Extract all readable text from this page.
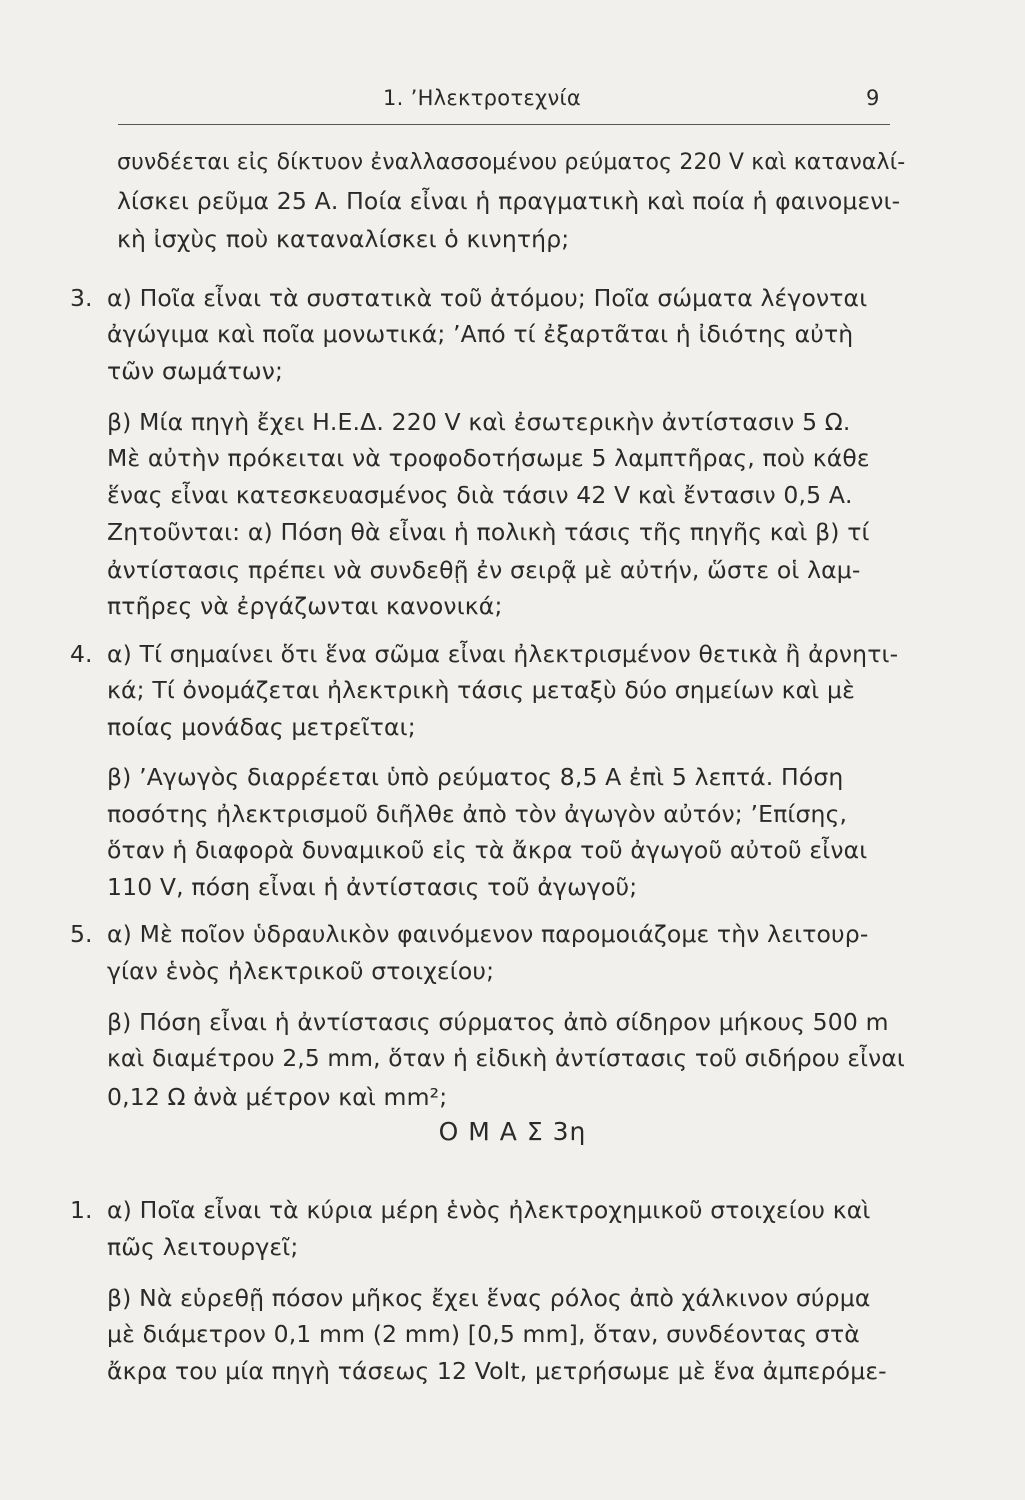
1. ’Ηλεκτροτεχνία	9
συνδέεται εἰς δίκτυον ἐναλλασσομένου ρεύματος 220 V καὶ καταναλί-
λίσκει ρεῦμα 25 Α. Ποία εἶναι ἡ πραγματικὴ καὶ ποία ἡ φαινομενι-
κὴ ἰσχὺς ποὺ καταναλίσκει ὁ κινητήρ;
3. α) Ποῖα εἶναι τὰ συστατικὰ τοῦ ἀτόμου; Ποῖα σώματα λέγονται
ἀγώγιμα καὶ ποῖα μονωτικά; ’Από τί ἐξαρτᾶται ἡ ἰδιότης αὐτὴ
τῶν σωμάτων;
β) Μία πηγὴ ἔχει Η.Ε.Δ. 220 V καὶ ἐσωτερικὴν ἀντίστασιν 5 Ω.
Μὲ αὐτὴν πρόκειται νὰ τροφοδοτήσωμε 5 λαμπτῆρας, ποὺ κάθε
ἕνας εἶναι κατεσκευασμένος διὰ τάσιν 42 V καὶ ἔντασιν 0,5 Α.
Ζητοῦνται: α) Πόση θὰ εἶναι ἡ πολικὴ τάσις τῆς πηγῆς καὶ β) τί
ἀντίστασις πρέπει νὰ συνδεθῇ ἐν σειρᾷ μὲ αὐτήν, ὥστε οἱ λαμ-
πτῆρες νὰ ἐργάζωνται κανονικά;
4. α) Τί σημαίνει ὅτι ἕνα σῶμα εἶναι ἠλεκτρισμένον θετικὰ ἢ ἀρνητι-
κά; Τί ὀνομάζεται ἠλεκτρικὴ τάσις μεταξὺ δύο σημείων καὶ μὲ
ποίας μονάδας μετρεῖται;
β) ’Αγωγὸς διαρρέεται ὑπὸ ρεύματος 8,5 Α ἐπὶ 5 λεπτά. Πόση
ποσότης ἠλεκτρισμοῦ διῆλθε ἀπὸ τὸν ἀγωγὸν αὐτόν; ’Επίσης,
ὅταν ἡ διαφορὰ δυναμικοῦ εἰς τὰ ἄκρα τοῦ ἀγωγοῦ αὐτοῦ εἶναι
110 V, πόση εἶναι ἡ ἀντίστασις τοῦ ἀγωγοῦ;
5. α) Μὲ ποῖον ὑδραυλικὸν φαινόμενον παρομοιάζομε τὴν λειτουρ-
γίαν ἑνὸς ἠλεκτρικοῦ στοιχείου;
β) Πόση εἶναι ἡ ἀντίστασις σύρματος ἀπὸ σίδηρον μήκους 500 m
καὶ διαμέτρου 2,5 mm, ὅταν ἡ εἰδικὴ ἀντίστασις τοῦ σιδήρου εἶναι
0,12 Ω ἀνὰ μέτρον καὶ mm²;
Ο Μ Α Σ 3η
1. α) Ποῖα εἶναι τὰ κύρια μέρη ἑνὸς ἠλεκτροχημικοῦ στοιχείου καὶ
πῶς λειτουργεῖ;
β) Νὰ εὑρεθῇ πόσον μῆκος ἔχει ἕνας ρόλος ἀπὸ χάλκινον σύρμα
μὲ διάμετρον 0,1 mm (2 mm) [0,5 mm], ὅταν, συνδέοντας στὰ
ἄκρα του μία πηγὴ τάσεως 12 Volt, μετρήσωμε μὲ ἕνα ἀμπερόμε-
